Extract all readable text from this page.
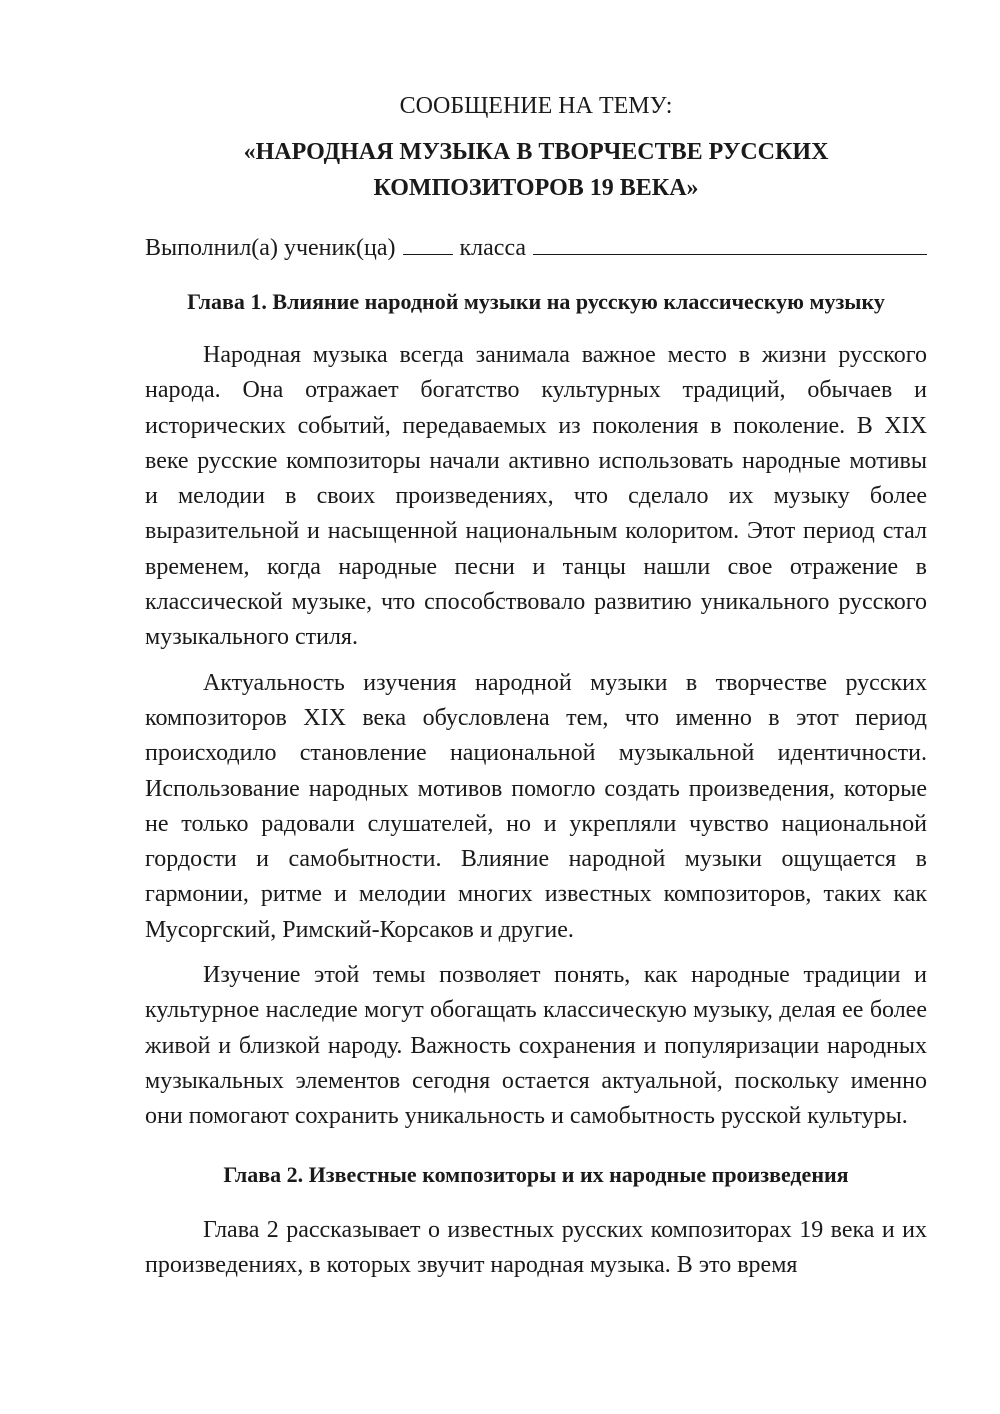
СООБЩЕНИЕ НА ТЕМУ:
«НАРОДНАЯ МУЗЫКА В ТВОРЧЕСТВЕ РУССКИХ
КОМПОЗИТОРОВ 19 ВЕКА»
Выполнил(а) ученик(ца)	класса
Глава 1. Влияние народной музыки на русскую классическую музыку

Народная музыка всегда занимала важное место в жизни русского народа. Она отражает богатство культурных традиций, обычаев и исторических событий, передаваемых из поколения в поколение. В XIX веке русские композиторы начали активно использовать народные мотивы и мелодии в своих произведениях, что сделало их музыку более выразительной и насыщенной национальным колоритом. Этот период стал временем, когда народные песни и танцы нашли свое отражение в классической музыке, что способствовало развитию уникального русского музыкального стиля.

Актуальность изучения народной музыки в творчестве русских композиторов XIX века обусловлена тем, что именно в этот период происходило становление национальной музыкальной идентичности. Использование народных мотивов помогло создать произведения, которые не только радовали слушателей, но и укрепляли чувство национальной гордости и самобытности. Влияние народной музыки ощущается в гармонии, ритме и мелодии многих известных композиторов, таких как Мусоргский, Римский-Корсаков и другие.

Изучение этой темы позволяет понять, как народные традиции и культурное наследие могут обогащать классическую музыку, делая ее более живой и близкой народу. Важность сохранения и популяризации народных музыкальных элементов сегодня остается актуальной, поскольку именно они помогают сохранить уникальность и самобытность русской культуры.

Глава 2. Известные композиторы и их народные произведения

Глава 2 рассказывает о известных русских композиторах 19 века и их произведениях, в которых звучит народная музыка. В это время
